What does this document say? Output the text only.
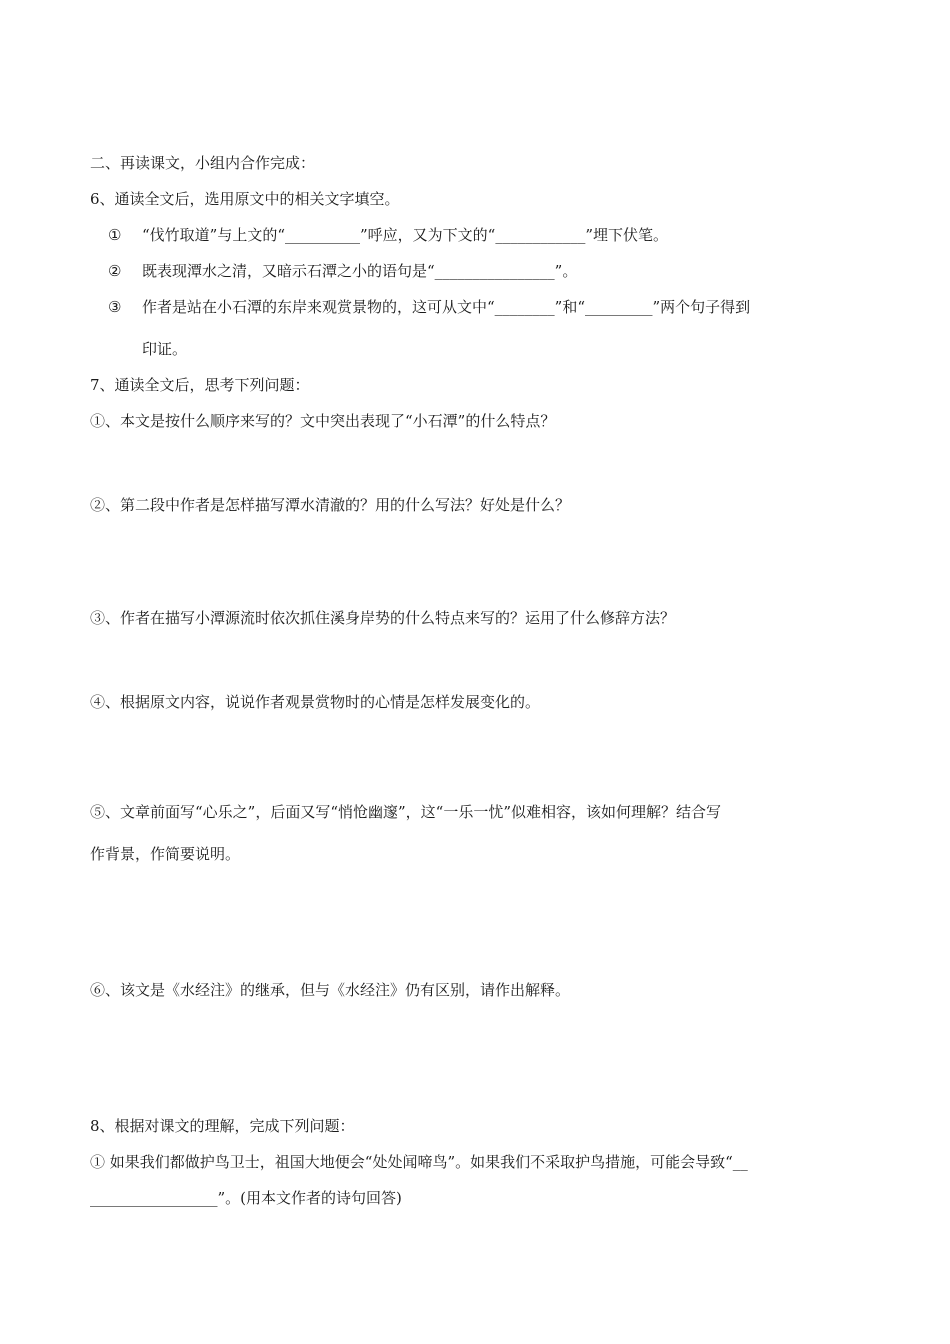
二、再读课文，小组内合作完成：
6、通读全文后，选用原文中的相关文字填空。
① “伐竹取道”与上文的“__________”呼应，又为下文的“____________”埋下伏笔。
② 既表现潭水之清，又暗示石潭之小的语句是“________________”。
③ 作者是站在小石潭的东岸来观赏景物的，这可从文中“________”和“_________”两个句子得到
印证。
7、通读全文后，思考下列问题：
①、本文是按什么顺序来写的？文中突出表现了“小石潭”的什么特点？
②、第二段中作者是怎样描写潭水清澈的？用的什么写法？好处是什么？
③、作者在描写小潭源流时依次抓住溪身岸势的什么特点来写的？运用了什么修辞方法？
④、根据原文内容，说说作者观景赏物时的心情是怎样发展变化的。
⑤、文章前面写“心乐之”，后面又写“悄怆幽邃”，这“一乐一忧”似难相容，该如何理解？结合写
作背景，作简要说明。
⑥、该文是《水经注》的继承，但与《水经注》仍有区别，请作出解释。
8、根据对课文的理解，完成下列问题：
① 如果我们都做护鸟卫士，祖国大地便会“处处闻啼鸟”。如果我们不采取护鸟措施，可能会导致“__
_________________”。(用本文作者的诗句回答)
